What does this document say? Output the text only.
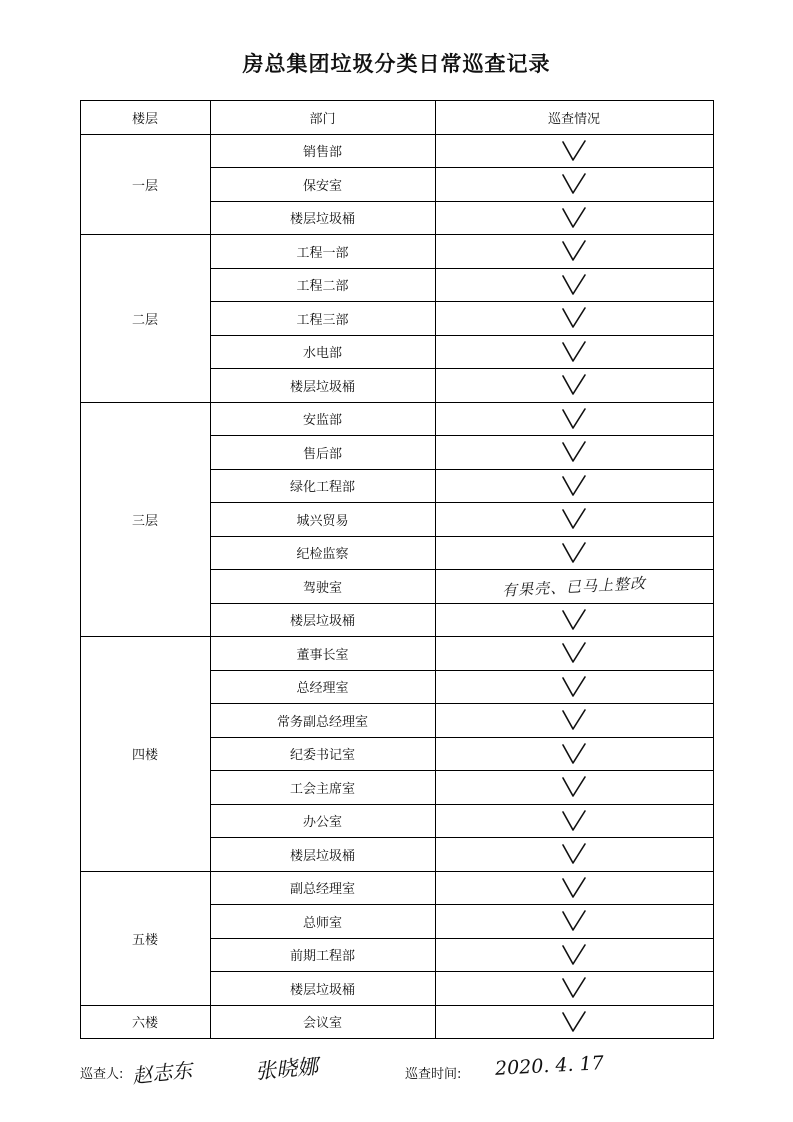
房总集团垃圾分类日常巡查记录
楼层	部门	巡查情况
一层	销售部	

	保安室	

	楼层垃圾桶	

二层	工程一部	

	工程二部	

	工程三部	

	水电部	

	楼层垃圾桶	

三层	安监部	

	售后部	

	绿化工程部	

	城兴贸易	

	纪检监察	

	驾驶室	有果壳、已马上整改
	楼层垃圾桶	

四楼	董事长室	

	总经理室	

	常务副总经理室	

	纪委书记室	

	工会主席室	

	办公室	

	楼层垃圾桶	

五楼	副总经理室	

	总师室	

	前期工程部	

	楼层垃圾桶	

六楼	会议室	
巡查人: 赵志东	张晓娜	巡查时间: 2020. 4. 17
